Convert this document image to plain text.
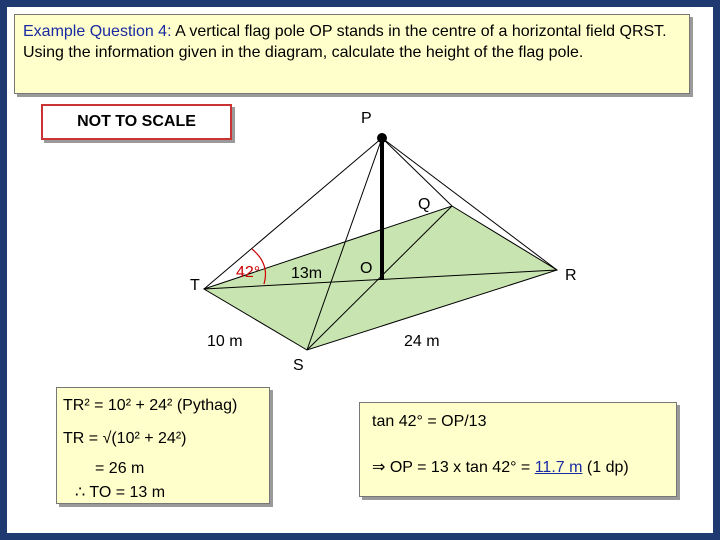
Example Question 4: A vertical flag pole OP stands in the centre of a horizontal field QRST. Using the information given in the diagram, calculate the height of the flag pole.
NOT TO SCALE	P
Q
R
S
T
O
42° 13m
10 m	24 m
TR² = 10² + 24² (Pythag)
TR = √(10² + 24²)
= 26 m
∴ TO = 13 m
tan 42° = OP/13
⇒ OP = 13 x tan 42° = 11.7 m (1 dp)
